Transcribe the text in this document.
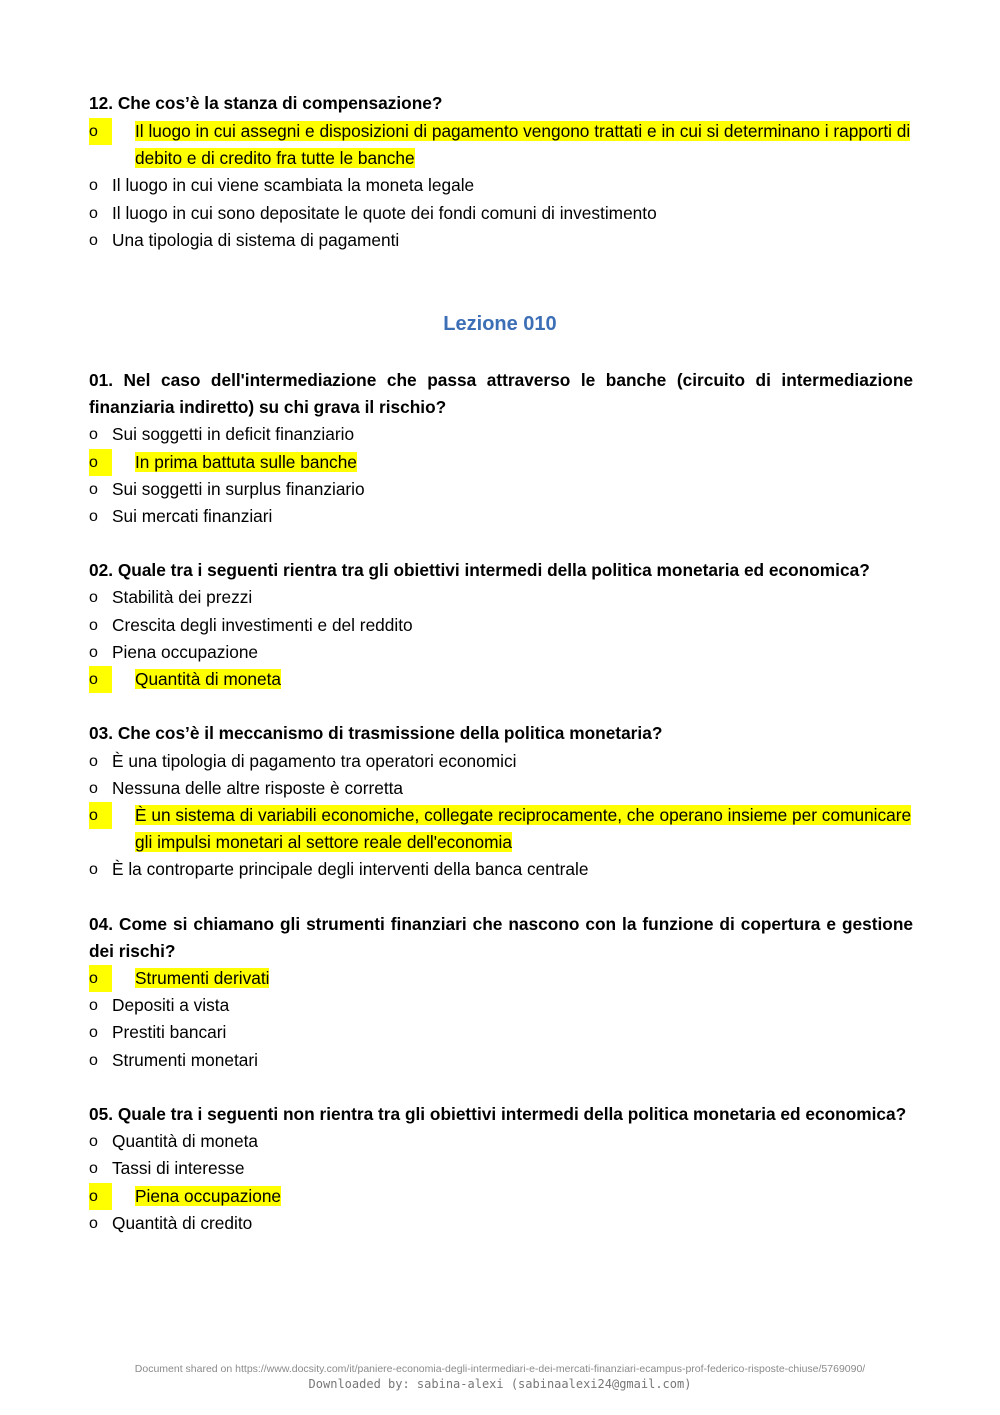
12. Che cos’è la stanza di compensazione?
o	Il luogo in cui assegni e disposizioni di pagamento vengono trattati e in cui si determinano i rapporti di debito e di credito fra tutte le banche
o Il luogo in cui viene scambiata la moneta legale
o Il luogo in cui sono depositate le quote dei fondi comuni di investimento
o Una tipologia di sistema di pagamenti
Lezione 010
01. Nel caso dell'intermediazione che passa attraverso le banche (circuito di intermediazione finanziaria indiretto) su chi grava il rischio?
o Sui soggetti in deficit finanziario
o	In prima battuta sulle banche
o Sui soggetti in surplus finanziario
o Sui mercati finanziari
02. Quale tra i seguenti rientra tra gli obiettivi intermedi della politica monetaria ed economica?
o Stabilità dei prezzi
o Crescita degli investimenti e del reddito
o Piena occupazione
o	Quantità di moneta
03. Che cos’è il meccanismo di trasmissione della politica monetaria?
o È una tipologia di pagamento tra operatori economici
o Nessuna delle altre risposte è corretta
o	È un sistema di variabili economiche, collegate reciprocamente, che operano insieme per comunicare gli impulsi monetari al settore reale dell'economia
o È la controparte principale degli interventi della banca centrale
04. Come si chiamano gli strumenti finanziari che nascono con la funzione di copertura e gestione dei rischi?
o	Strumenti derivati
o Depositi a vista
o Prestiti bancari
o Strumenti monetari
05. Quale tra i seguenti non rientra tra gli obiettivi intermedi della politica monetaria ed economica?
o Quantità di moneta
o Tassi di interesse
o	Piena occupazione
o Quantità di credito
Document shared on https://www.docsity.com/it/paniere-economia-degli-intermediari-e-dei-mercati-finanziari-ecampus-prof-federico-risposte-chiuse/5769090/
Downloaded by: sabina-alexi (sabinaalexi24@gmail.com)
